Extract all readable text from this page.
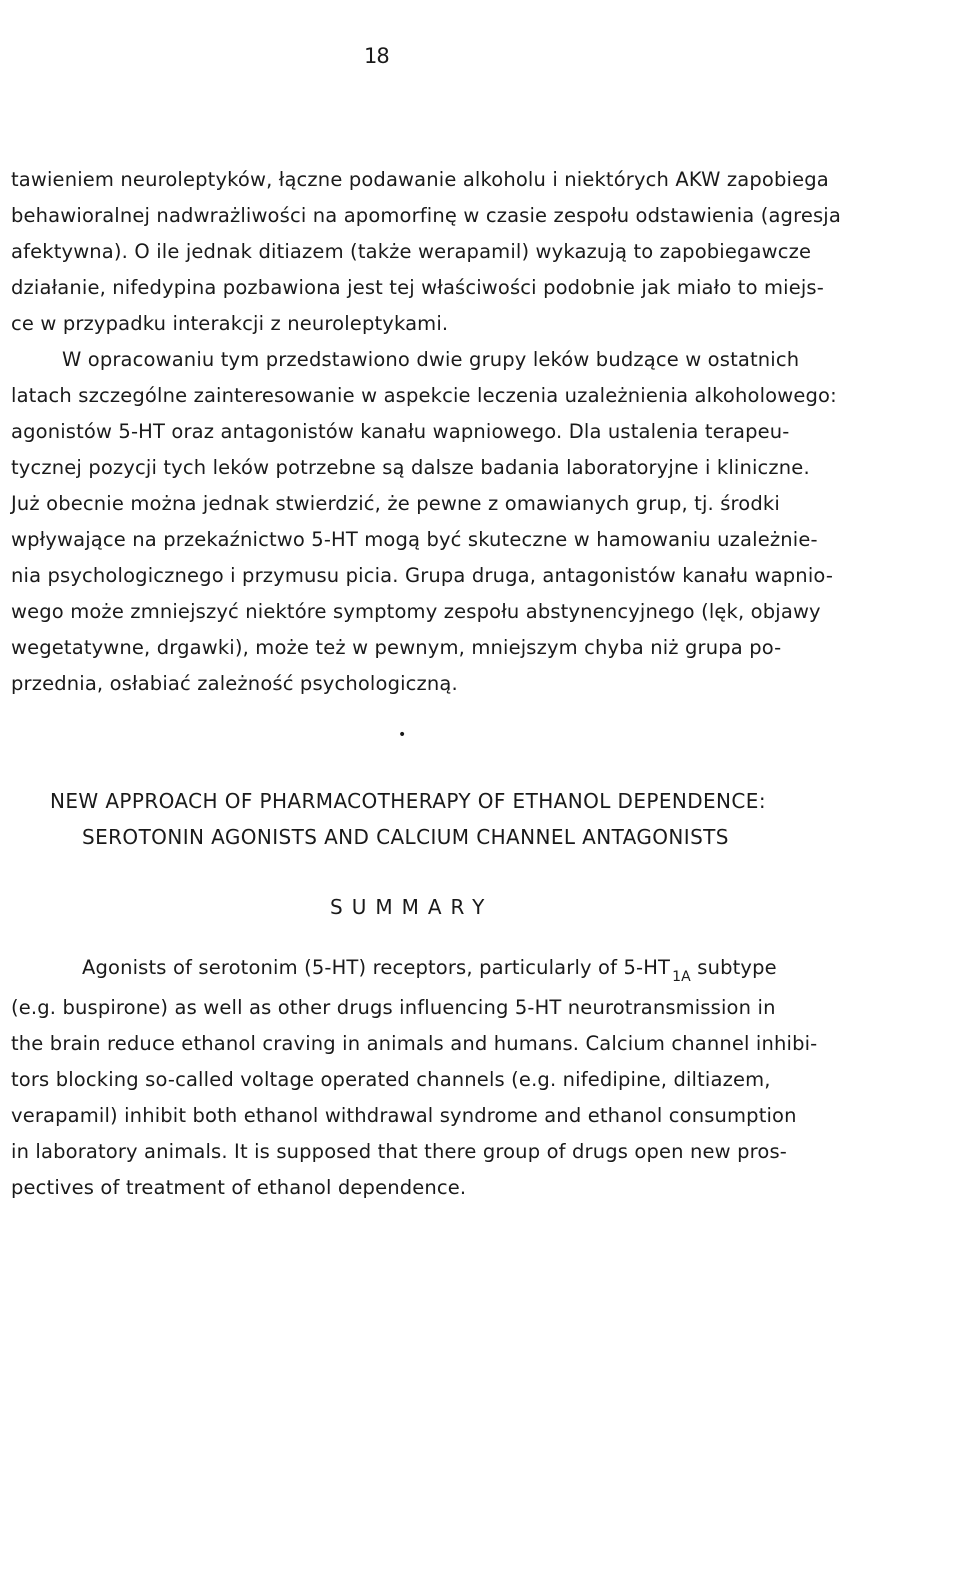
18
tawieniem neuroleptyków, łączne podawanie alkoholu i niektórych AKW zapobiega
behawioralnej nadwrażliwości na apomorfinę w czasie zespołu odstawienia (agresja
afektywna). O ile jednak ditiazem (także werapamil) wykazują to zapobiegawcze
działanie, nifedypina pozbawiona jest tej właściwości podobnie jak miało to miejs-
ce w przypadku interakcji z neuroleptykami.
W opracowaniu tym przedstawiono dwie grupy leków budzące w ostatnich
latach szczególne zainteresowanie w aspekcie leczenia uzależnienia alkoholowego:
agonistów 5-HT oraz antagonistów kanału wapniowego. Dla ustalenia terapeu-
tycznej pozycji tych leków potrzebne są dalsze badania laboratoryjne i kliniczne.
Już obecnie można jednak stwierdzić, że pewne z omawianych grup, tj. środki
wpływające na przekaźnictwo 5-HT mogą być skuteczne w hamowaniu uzależnie-
nia psychologicznego i przymusu picia. Grupa druga, antagonistów kanału wapnio-
wego może zmniejszyć niektóre symptomy zespołu abstynencyjnego (lęk, objawy
wegetatywne, drgawki), może też w pewnym, mniejszym chyba niż grupa po-
przednia, osłabiać zależność psychologiczną.
•
NEW APPROACH OF PHARMACOTHERAPY OF ETHANOL DEPENDENCE:
SEROTONIN AGONISTS AND CALCIUM CHANNEL ANTAGONISTS
SUMMARY
Agonists of serotonim (5-HT) receptors, particularly of 5-HT $_{1A}$ subtype
(e.g. buspirone) as well as other drugs influencing 5-HT neurotransmission in
the brain reduce ethanol craving in animals and humans. Calcium channel inhibi-
tors blocking so-called voltage operated channels (e.g. nifedipine, diltiazem,
verapamil) inhibit both ethanol withdrawal syndrome and ethanol consumption
in laboratory animals. It is supposed that there group of drugs open new pros-
pectives of treatment of ethanol dependence.
